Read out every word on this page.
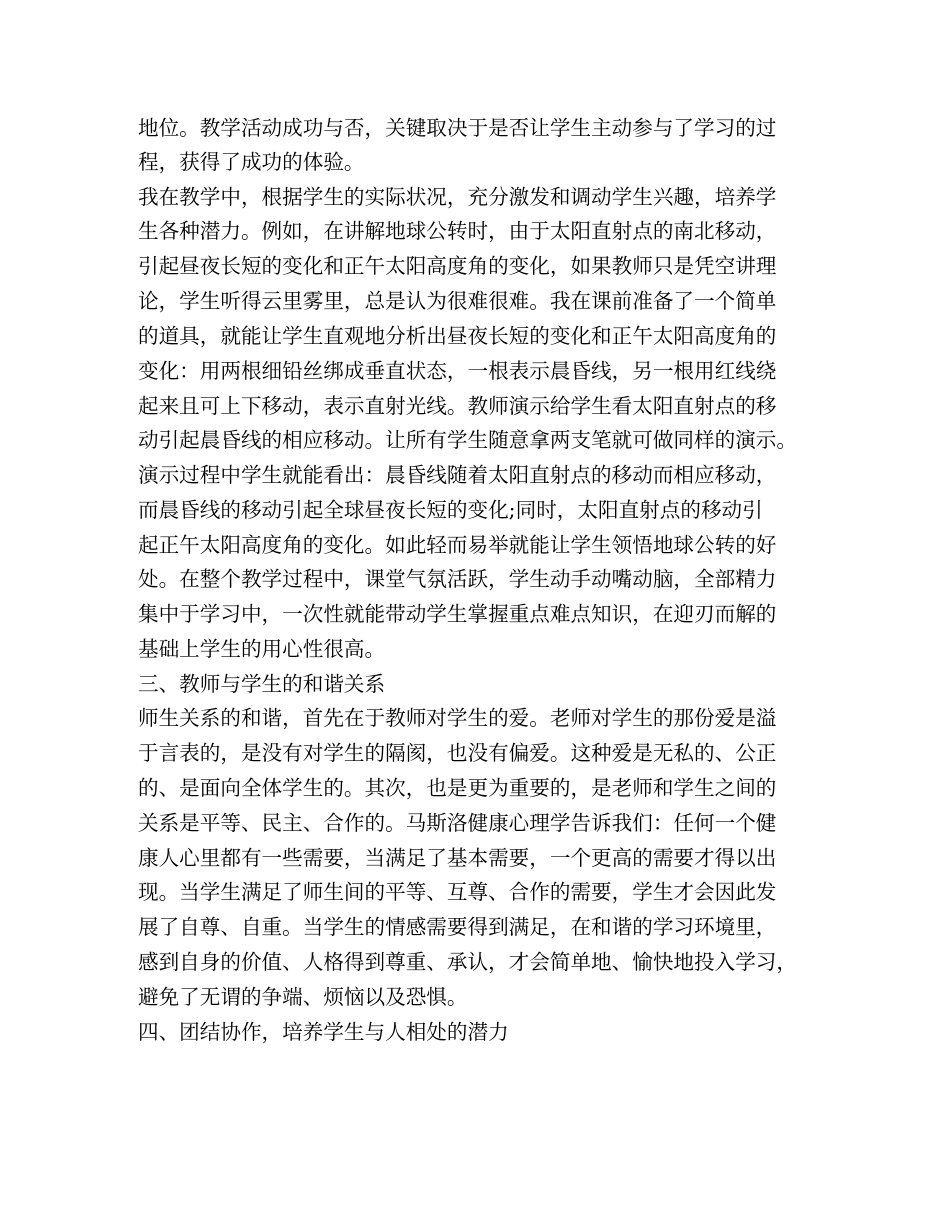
地位。教学活动成功与否，关键取决于是否让学生主动参与了学习的过
程，获得了成功的体验。
我在教学中，根据学生的实际状况，充分激发和调动学生兴趣，培养学
生各种潜力。例如，在讲解地球公转时，由于太阳直射点的南北移动，
引起昼夜长短的变化和正午太阳高度角的变化，如果教师只是凭空讲理
论，学生听得云里雾里，总是认为很难很难。我在课前准备了一个简单
的道具，就能让学生直观地分析出昼夜长短的变化和正午太阳高度角的
变化：用两根细铅丝绑成垂直状态，一根表示晨昏线，另一根用红线绕
起来且可上下移动，表示直射光线。教师演示给学生看太阳直射点的移
动引起晨昏线的相应移动。让所有学生随意拿两支笔就可做同样的演示。
演示过程中学生就能看出：晨昏线随着太阳直射点的移动而相应移动，
而晨昏线的移动引起全球昼夜长短的变化;同时，太阳直射点的移动引
起正午太阳高度角的变化。如此轻而易举就能让学生领悟地球公转的好
处。在整个教学过程中，课堂气氛活跃，学生动手动嘴动脑，全部精力
集中于学习中，一次性就能带动学生掌握重点难点知识，在迎刃而解的
基础上学生的用心性很高。
三、教师与学生的和谐关系
师生关系的和谐，首先在于教师对学生的爱。老师对学生的那份爱是溢
于言表的，是没有对学生的隔阂，也没有偏爱。这种爱是无私的、公正
的、是面向全体学生的。其次，也是更为重要的，是老师和学生之间的
关系是平等、民主、合作的。马斯洛健康心理学告诉我们：任何一个健
康人心里都有一些需要，当满足了基本需要，一个更高的需要才得以出
现。当学生满足了师生间的平等、互尊、合作的需要，学生才会因此发
展了自尊、自重。当学生的情感需要得到满足，在和谐的学习环境里，
感到自身的价值、人格得到尊重、承认，才会简单地、愉快地投入学习，
避免了无谓的争端、烦恼以及恐惧。
四、团结协作，培养学生与人相处的潜力
